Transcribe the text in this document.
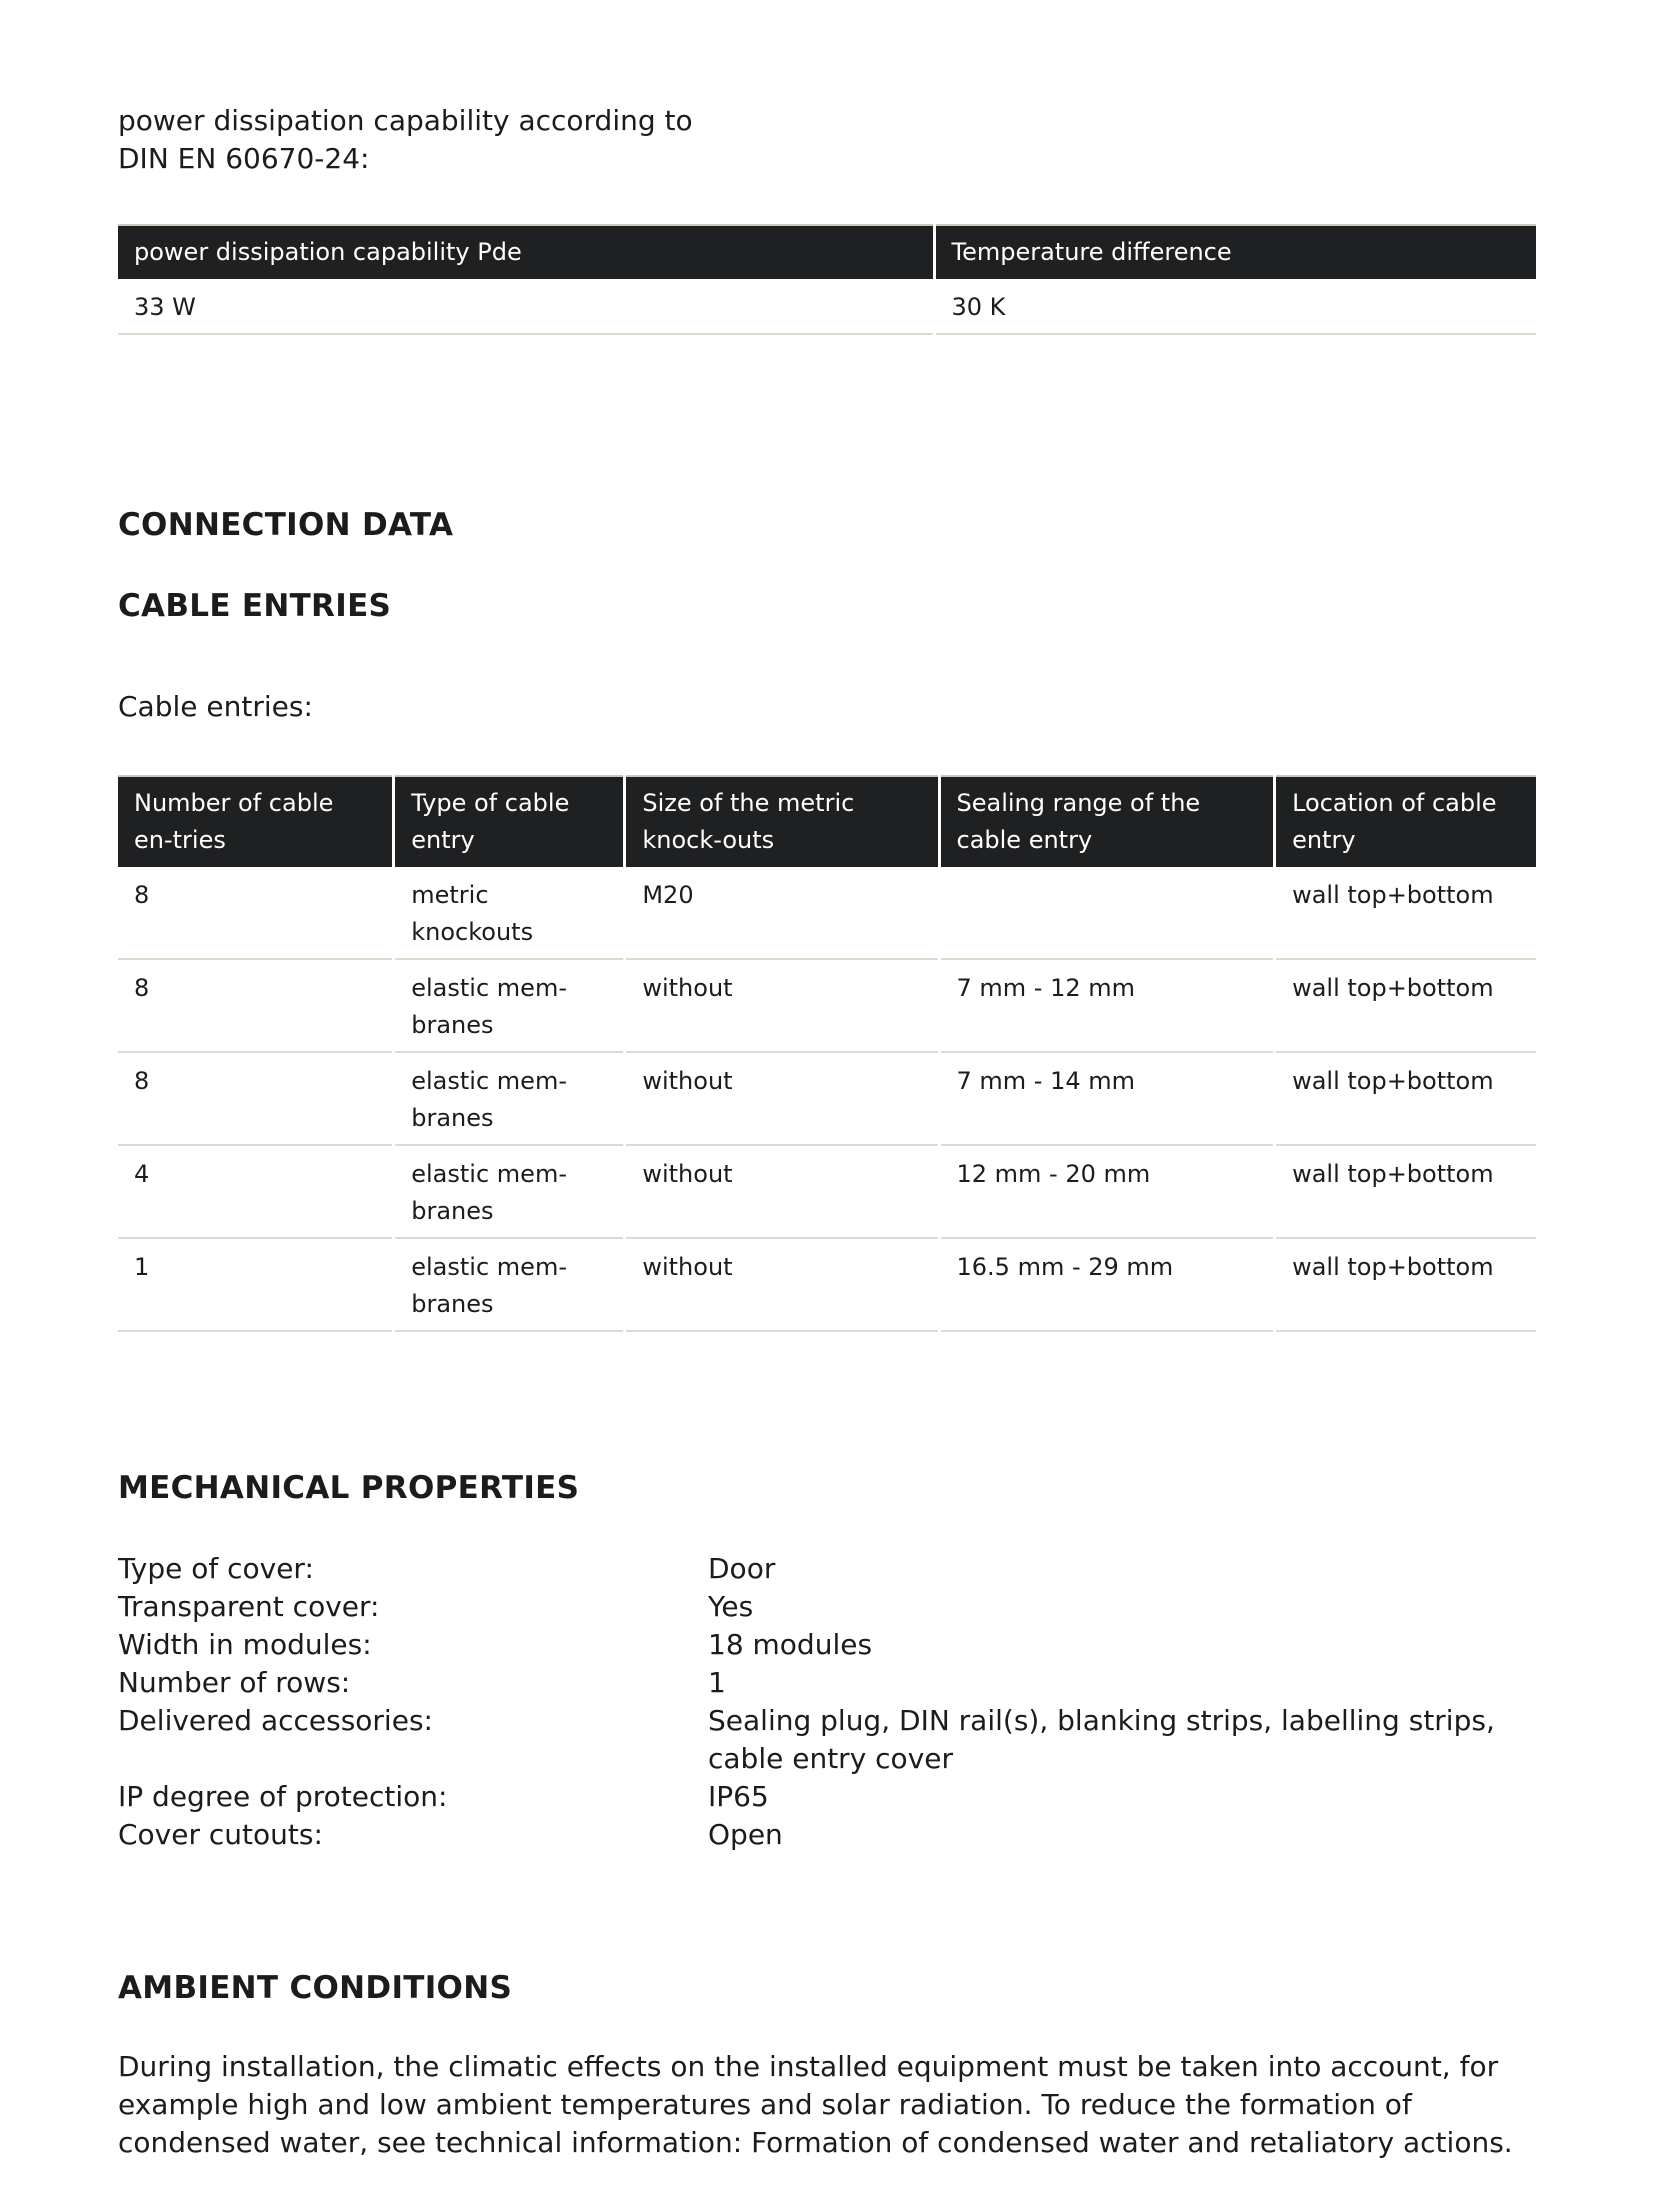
power dissipation capability according to
DIN EN 60670-24:
power dissipation capability Pde	Temperature difference
33 W	30 K
CONNECTION DATA
CABLE ENTRIES
Cable entries:
Number of cable en-tries	Type of cable entry	Size of the metric knock-outs	Sealing range of the cable entry	Location of cable entry
8	metric knockouts	M20		wall top+bottom
8	elastic mem-branes	without	7 mm - 12 mm	wall top+bottom
8	elastic mem-branes	without	7 mm - 14 mm	wall top+bottom
4	elastic mem-branes	without	12 mm - 20 mm	wall top+bottom
1	elastic mem-branes	without	16.5 mm - 29 mm	wall top+bottom
MECHANICAL PROPERTIES
Type of cover:	Door
Transparent cover:	Yes
Width in modules:	18 modules
Number of rows:	1
Delivered accessories:	Sealing plug, DIN rail(s), blanking strips, labelling strips, cable entry cover
IP degree of protection:	IP65
Cover cutouts:	Open
AMBIENT CONDITIONS
During installation, the climatic effects on the installed equipment must be taken into account, for example high and low ambient temperatures and solar radiation. To reduce the formation of condensed water, see technical information: Formation of condensed water and retaliatory actions.
